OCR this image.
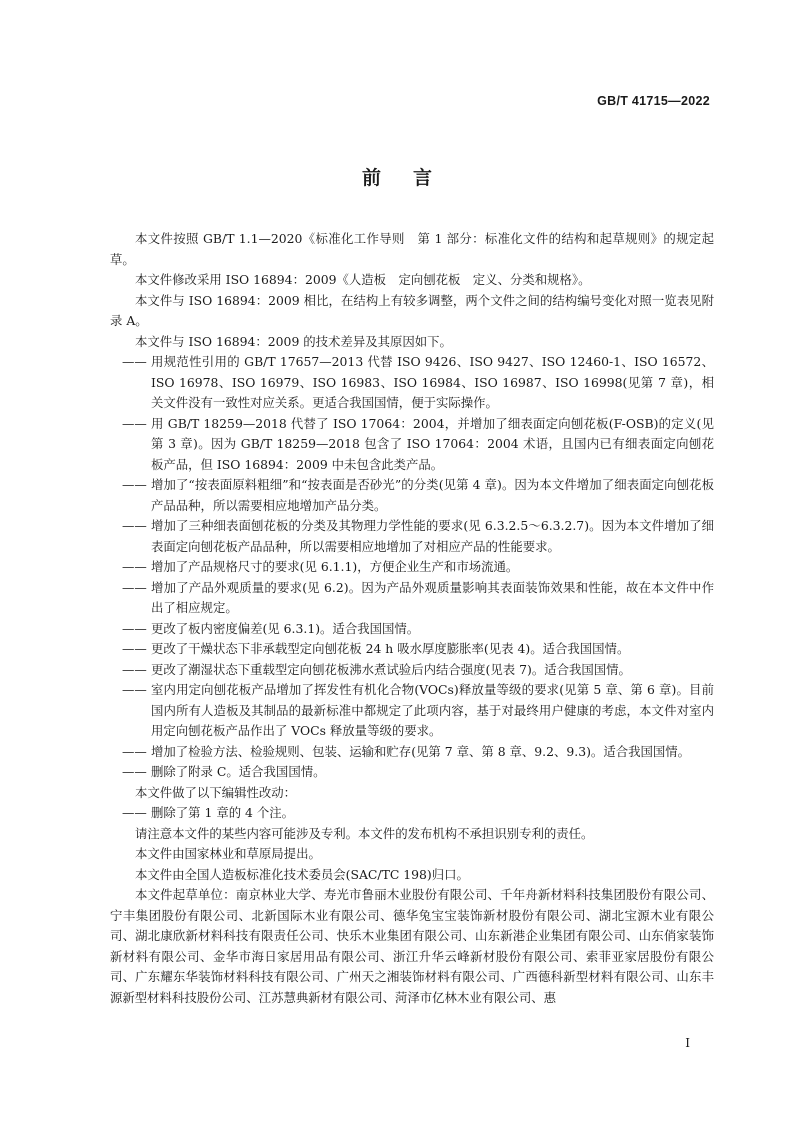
GB/T 41715—2022
前言

本文件按照 GB/T 1.1—2020《标准化工作导则　第 1 部分：标准化文件的结构和起草规则》的规定起草。

本文件修改采用 ISO 16894：2009《人造板　定向刨花板　定义、分类和规格》。

本文件与 ISO 16894：2009 相比，在结构上有较多调整，两个文件之间的结构编号变化对照一览表见附录 A。

本文件与 ISO 16894：2009 的技术差异及其原因如下。

—— 用规范性引用的 GB/T 17657—2013 代替 ISO 9426、ISO 9427、ISO 12460-1、ISO 16572、ISO 16978、ISO 16979、ISO 16983、ISO 16984、ISO 16987、ISO 16998(见第 7 章)，相关文件没有一致性对应关系。更适合我国国情，便于实际操作。
—— 用 GB/T 18259—2018 代替了 ISO 17064：2004，并增加了细表面定向刨花板(F-OSB)的定义(见第 3 章)。因为 GB/T 18259—2018 包含了 ISO 17064：2004 术语，且国内已有细表面定向刨花板产品，但 ISO 16894：2009 中未包含此类产品。
—— 增加了“按表面原料粗细”和“按表面是否砂光”的分类(见第 4 章)。因为本文件增加了细表面定向刨花板产品品种，所以需要相应地增加产品分类。
—— 增加了三种细表面刨花板的分类及其物理力学性能的要求(见 6.3.2.5～6.3.2.7)。因为本文件增加了细表面定向刨花板产品品种，所以需要相应地增加了对相应产品的性能要求。
—— 增加了产品规格尺寸的要求(见 6.1.1)，方便企业生产和市场流通。
—— 增加了产品外观质量的要求(见 6.2)。因为产品外观质量影响其表面装饰效果和性能，故在本文件中作出了相应规定。
—— 更改了板内密度偏差(见 6.3.1)。适合我国国情。
—— 更改了干燥状态下非承载型定向刨花板 24 h 吸水厚度膨胀率(见表 4)。适合我国国情。
—— 更改了潮湿状态下重载型定向刨花板沸水煮试验后内结合强度(见表 7)。适合我国国情。
—— 室内用定向刨花板产品增加了挥发性有机化合物(VOCs)释放量等级的要求(见第 5 章、第 6 章)。目前国内所有人造板及其制品的最新标准中都规定了此项内容，基于对最终用户健康的考虑，本文件对室内用定向刨花板产品作出了 VOCs 释放量等级的要求。
—— 增加了检验方法、检验规则、包装、运输和贮存(见第 7 章、第 8 章、9.2、9.3)。适合我国国情。
—— 删除了附录 C。适合我国国情。

本文件做了以下编辑性改动：

—— 删除了第 1 章的 4 个注。

请注意本文件的某些内容可能涉及专利。本文件的发布机构不承担识别专利的责任。

本文件由国家林业和草原局提出。

本文件由全国人造板标准化技术委员会(SAC/TC 198)归口。

本文件起草单位：南京林业大学、寿光市鲁丽木业股份有限公司、千年舟新材料科技集团股份有限公司、宁丰集团股份有限公司、北新国际木业有限公司、德华兔宝宝装饰新材股份有限公司、湖北宝源木业有限公司、湖北康欣新材料科技有限责任公司、快乐木业集团有限公司、山东新港企业集团有限公司、山东俏家装饰新材料有限公司、金华市海日家居用品有限公司、浙江升华云峰新材股份有限公司、索菲亚家居股份有限公司、广东耀东华装饰材料科技有限公司、广州天之湘装饰材料有限公司、广西德科新型材料有限公司、山东丰源新型材料科技股份公司、江苏慧典新材有限公司、菏泽市亿林木业有限公司、惠

Ⅰ
